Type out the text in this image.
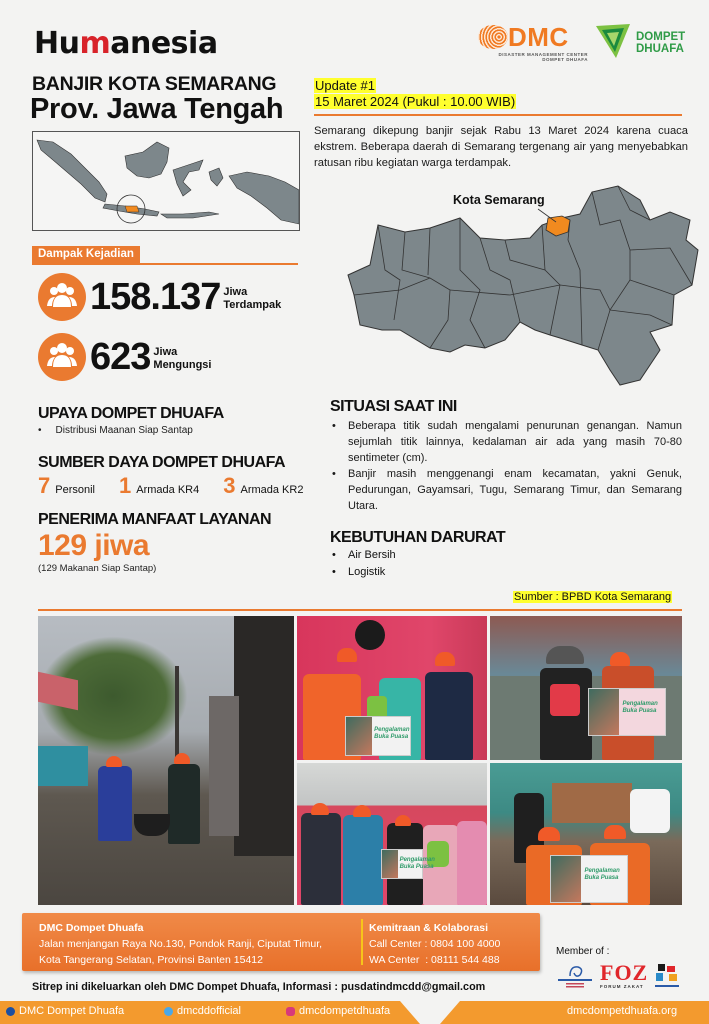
Humanesia	DMC
DISASTER MANAGEMENT CENTER
DOMPET DHUAFA
DOMPET
DHUAFA
BANJIR KOTA SEMARANG
Prov. Jawa Tengah
Update #1
15 Maret 2024 (Pukul : 10.00 WIB)
Semarang dikepung banjir sejak Rabu 13 Maret 2024 karena cuaca ekstrem. Beberapa daerah di Semarang tergenang air yang menyebabkan ratusan ribu kegiatan warga terdampak.
Dampak Kejadian
158.137 Jiwa
Terdampak
623 Jiwa
Mengungsi
Kota Semarang
UPAYA DOMPET DHUAFA
• Distribusi Maanan Siap Santap
SUMBER DAYA DOMPET DHUAFA
7 Personil 1 Armada KR4 3 Armada KR2
PENERIMA MANFAAT LAYANAN
129 jiwa
(129 Makanan Siap Santap)
SITUASI SAAT INI
• Beberapa titik sudah mengalami penurunan genangan. Namun sejumlah titik lainnya, kedalaman air ada yang masih 70-80 sentimeter (cm).
• Banjir masih menggenangi enam kecamatan, yakni Genuk, Pedurungan, Gayamsari, Tugu, Semarang Timur, dan Semarang Utara.
KEBUTUHAN DARURAT
• Air Bersih
• Logistik
Sumber : BPBD Kota Semarang
Pengalaman
Buka Puasa
Pengalaman
Buka Puasa
Pengalaman
Buka Puasa
Pengalaman
Buka Puasa
DMC Dompet Dhuafa
Jalan menjangan Raya No.130, Pondok Ranji, Ciputat Timur,
Kota Tangerang Selatan, Provinsi Banten 15412
Kemitraan & Kolaborasi
Call Center : 0804 100 4000
WA Center  : 08111 544 488
Member of :
FOZ
FORUM ZAKAT
Sitrep ini dikeluarkan oleh DMC Dompet Dhuafa, Informasi : pusdatindmcdd@gmail.com
DMC Dompet Dhuafa	dmcddofficial	dmcdompetdhuafa	dmcdompetdhuafa.org
